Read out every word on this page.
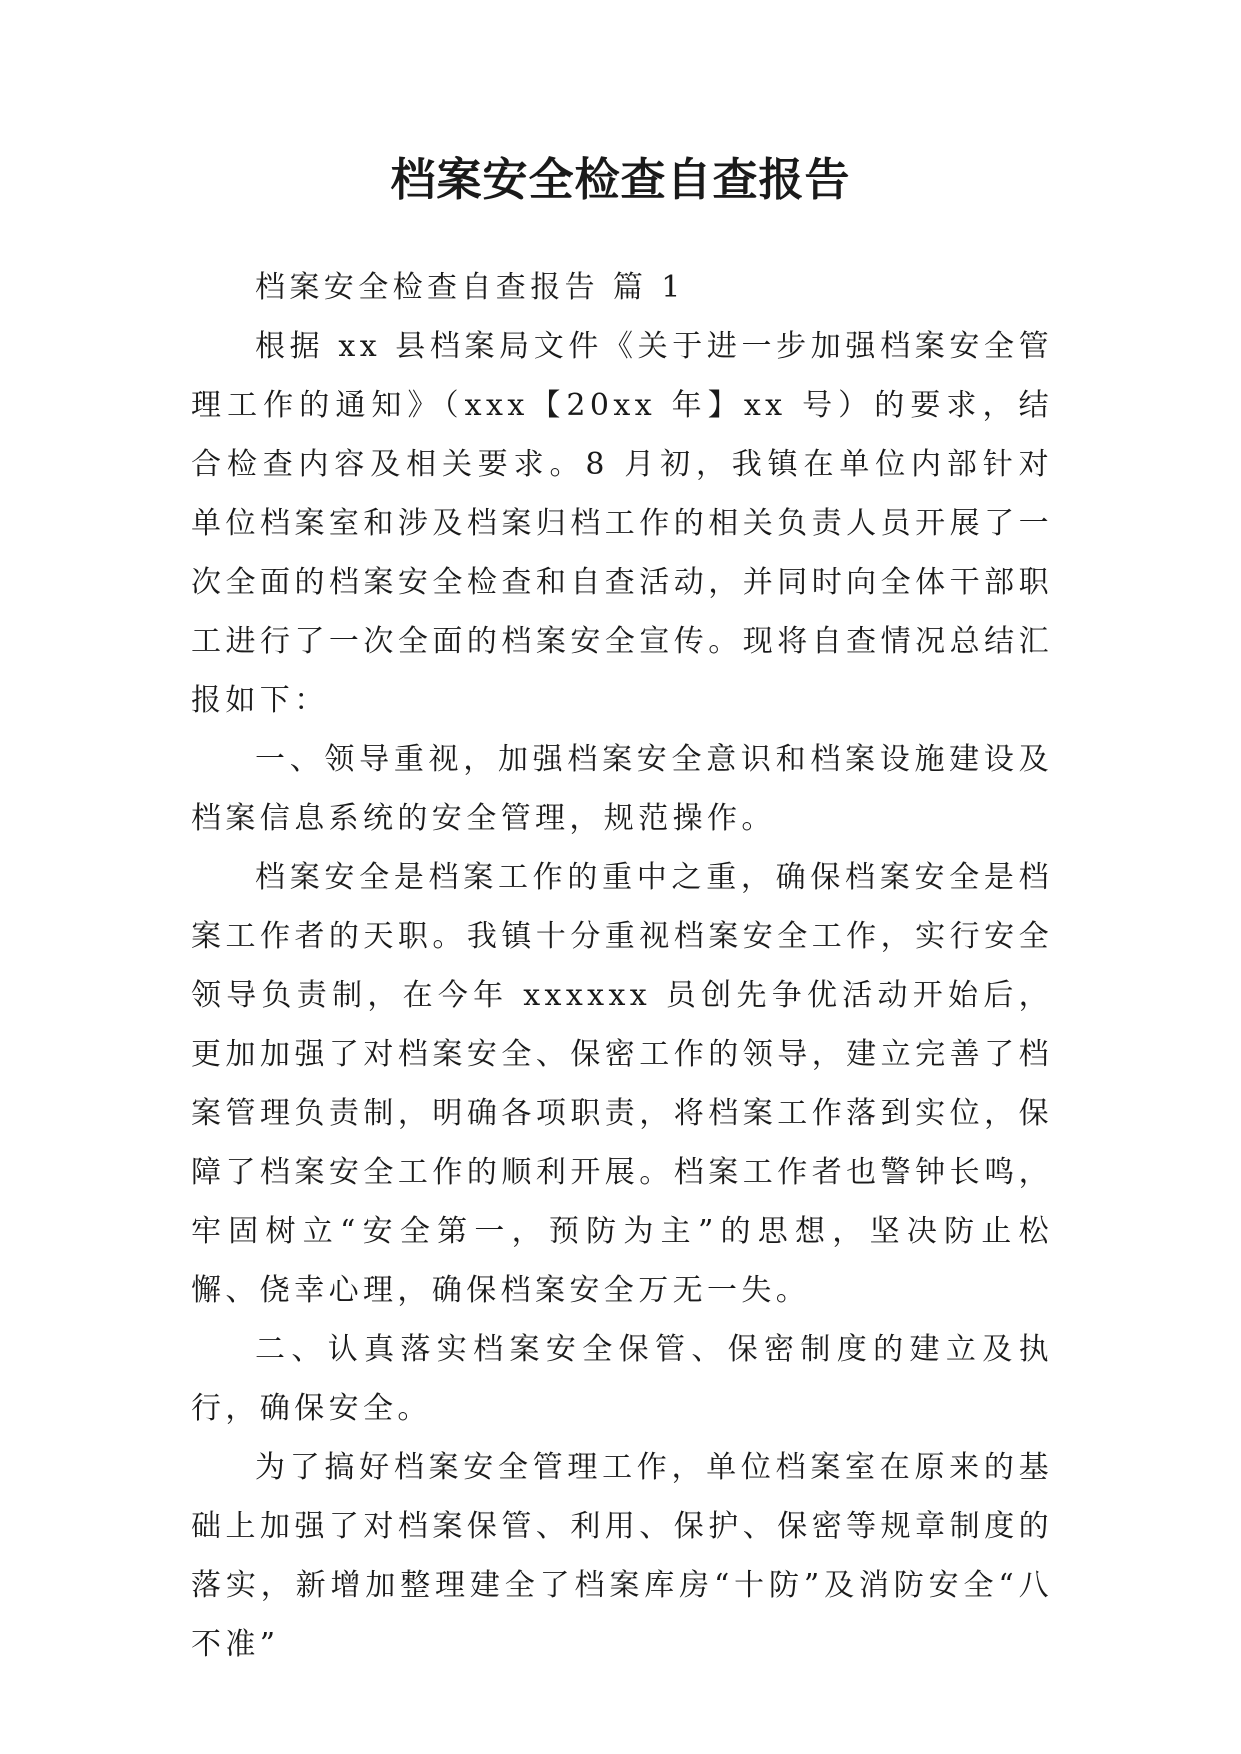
档案安全检查自查报告

档案安全检查自查报告 篇 1

根据 xx 县档案局文件《关于进一步加强档案安全管理工作的通知》（xxx【20xx 年】xx 号）的要求，结合检查内容及相关要求。8 月初，我镇在单位内部针对单位档案室和涉及档案归档工作的相关负责人员开展了一次全面的档案安全检查和自查活动，并同时向全体干部职工进行了一次全面的档案安全宣传。现将自查情况总结汇报如下：

一、领导重视，加强档案安全意识和档案设施建设及档案信息系统的安全管理，规范操作。

档案安全是档案工作的重中之重，确保档案安全是档案工作者的天职。我镇十分重视档案安全工作，实行安全领导负责制，在今年 xxxxxx 员创先争优活动开始后，更加加强了对档案安全、保密工作的领导，建立完善了档案管理负责制，明确各项职责，将档案工作落到实位，保障了档案安全工作的顺利开展。档案工作者也警钟长鸣，牢固树立“安全第一，预防为主”的思想，坚决防止松懈、侥幸心理，确保档案安全万无一失。

二、认真落实档案安全保管、保密制度的建立及执行，确保安全。

为了搞好档案安全管理工作，单位档案室在原来的基础上加强了对档案保管、利用、保护、保密等规章制度的落实，新增加整理建全了档案库房“十防”及消防安全“八不准”
